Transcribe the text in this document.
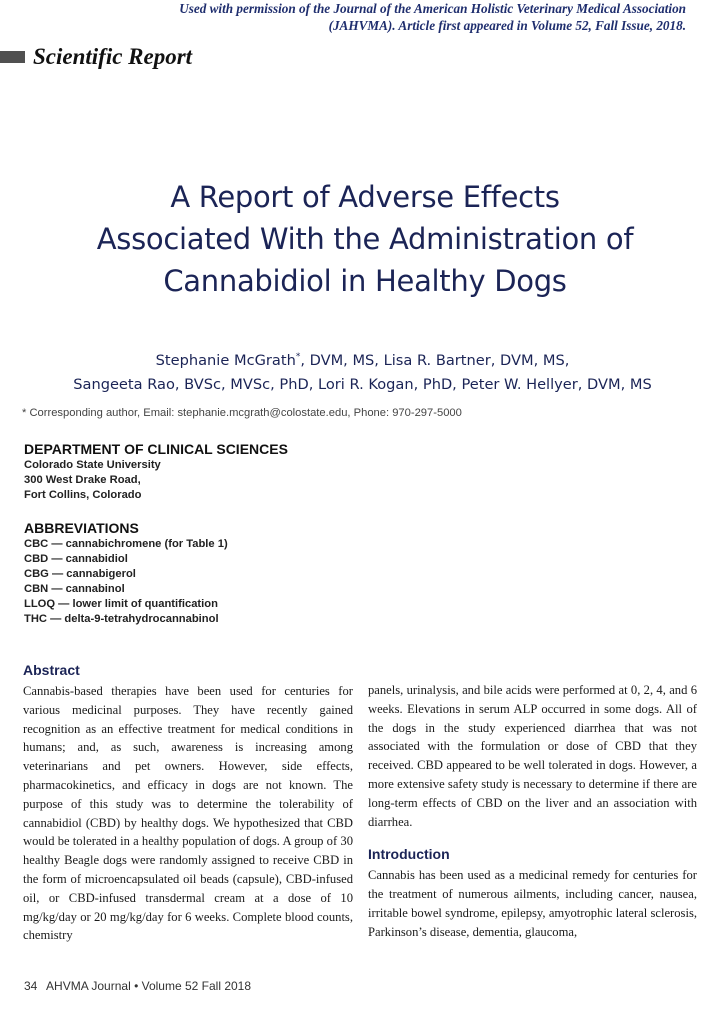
Used with permission of the Journal of the American Holistic Veterinary Medical Association
(JAHVMA). Article first appeared in Volume 52, Fall Issue, 2018.
Scientific Report
A Report of Adverse Effects
Associated With the Administration of
Cannabidiol in Healthy Dogs
Stephanie McGrath*, DVM, MS, Lisa R. Bartner, DVM, MS,
Sangeeta Rao, BVSc, MVSc, PhD, Lori R. Kogan, PhD, Peter W. Hellyer, DVM, MS
* Corresponding author, Email: stephanie.mcgrath@colostate.edu, Phone: 970-297-5000
DEPARTMENT OF CLINICAL SCIENCES
Colorado State University
300 West Drake Road,
Fort Collins, Colorado
ABBREVIATIONS
CBC — cannabichromene (for Table 1)
CBD — cannabidiol
CBG — cannabigerol
CBN — cannabinol
LLOQ — lower limit of quantification
THC — delta-9-tetrahydrocannabinol
Abstract

Cannabis-based therapies have been used for centuries for various medicinal purposes. They have recently gained recognition as an effective treatment for medical conditions in humans; and, as such, awareness is increasing among veterinarians and pet owners. However, side effects, pharmacokinetics, and efficacy in dogs are not known. The purpose of this study was to determine the tolerability of cannabidiol (CBD) by healthy dogs. We hypothesized that CBD would be tolerated in a healthy population of dogs. A group of 30 healthy Beagle dogs were randomly assigned to receive CBD in the form of microencapsulated oil beads (capsule), CBD-infused oil, or CBD-infused transdermal cream at a dose of 10 mg/kg/day or 20 mg/kg/day for 6 weeks. Complete blood counts, chemistry

panels, urinalysis, and bile acids were performed at 0, 2, 4, and 6 weeks. Elevations in serum ALP occurred in some dogs. All of the dogs in the study experienced diarrhea that was not associated with the formulation or dose of CBD that they received. CBD appeared to be well tolerated in dogs. However, a more extensive safety study is necessary to determine if there are long-term effects of CBD on the liver and an association with diarrhea.

Introduction

Cannabis has been used as a medicinal remedy for centuries for the treatment of numerous ailments, including cancer, nausea, irritable bowel syndrome, epilepsy, amyotrophic lateral sclerosis, Parkinson’s disease, dementia, glaucoma,

34 AHVMA Journal • Volume 52 Fall 2018
